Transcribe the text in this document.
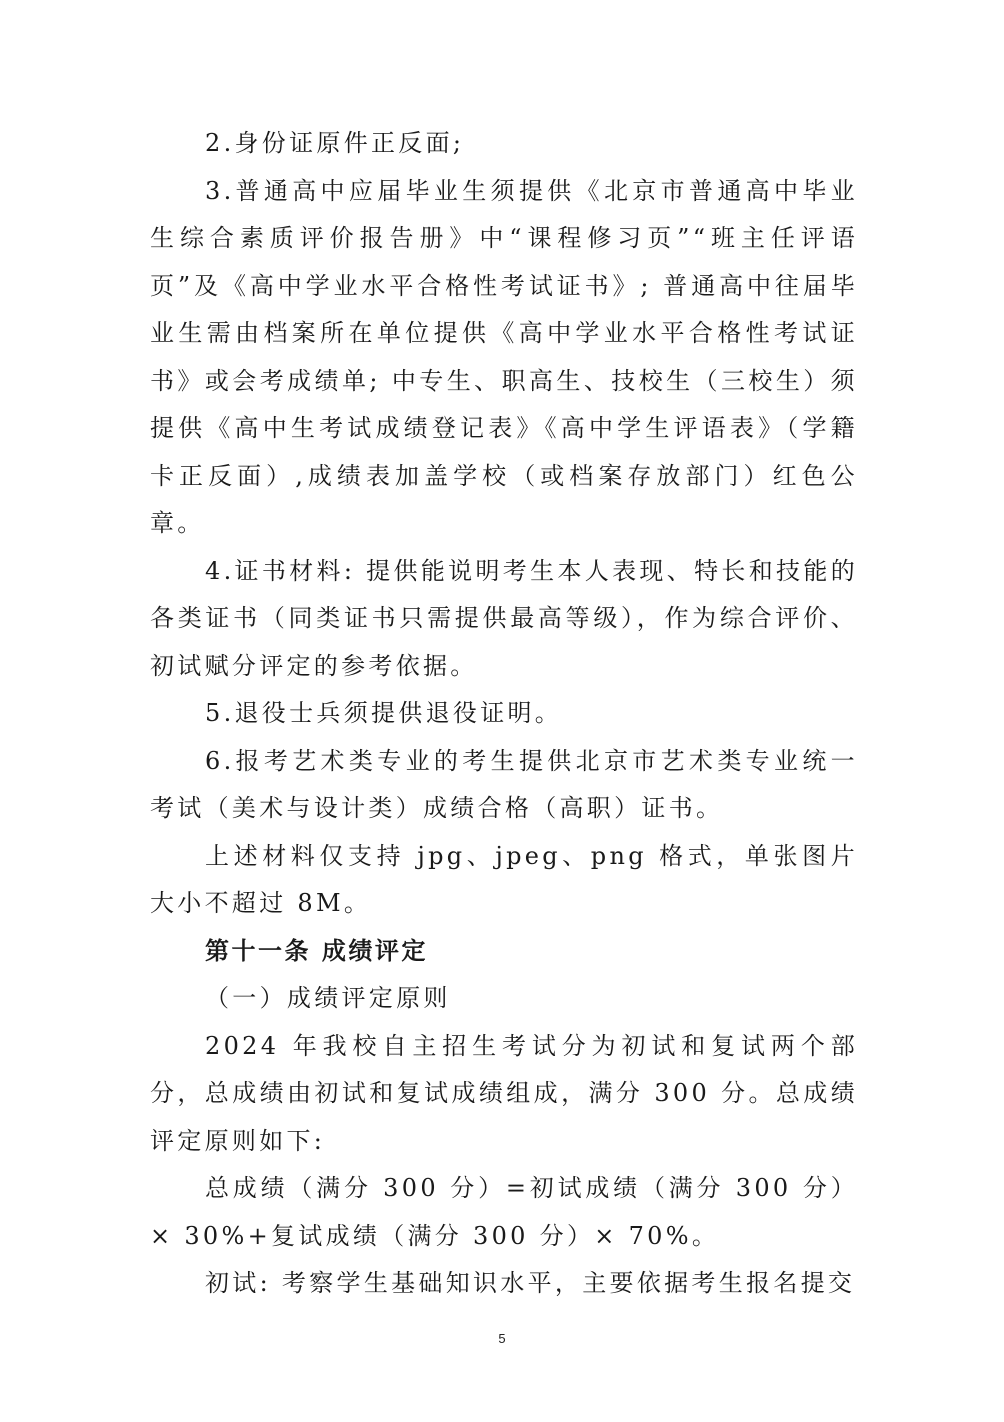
2.身份证原件正反面;

3.普通高中应届毕业生须提供《北京市普通高中毕业生综合素质评价报告册》中“课程修习页”“班主任评语页”及《高中学业水平合格性考试证书》; 普通高中往届毕业生需由档案所在单位提供《高中学业水平合格性考试证书》或会考成绩单; 中专生、职高生、技校生（三校生）须提供《高中生考试成绩登记表》《高中学生评语表》（学籍卡正反面）,成绩表加盖学校（或档案存放部门）红色公章。

4.证书材料: 提供能说明考生本人表现、特长和技能的各类证书（同类证书只需提供最高等级），作为综合评价、初试赋分评定的参考依据。

5.退役士兵须提供退役证明。

6.报考艺术类专业的考生提供北京市艺术类专业统一考试（美术与设计类）成绩合格（高职）证书。

上述材料仅支持 jpg、jpeg、png 格式，单张图片大小不超过 8M。

第十一条 成绩评定

（一）成绩评定原则

2024 年我校自主招生考试分为初试和复试两个部分，总成绩由初试和复试成绩组成，满分 300 分。总成绩评定原则如下:

总成绩（满分 300 分）=初试成绩（满分 300 分）× 30%+复试成绩（满分 300 分）× 70%。

初试: 考察学生基础知识水平，主要依据考生报名提交

5
